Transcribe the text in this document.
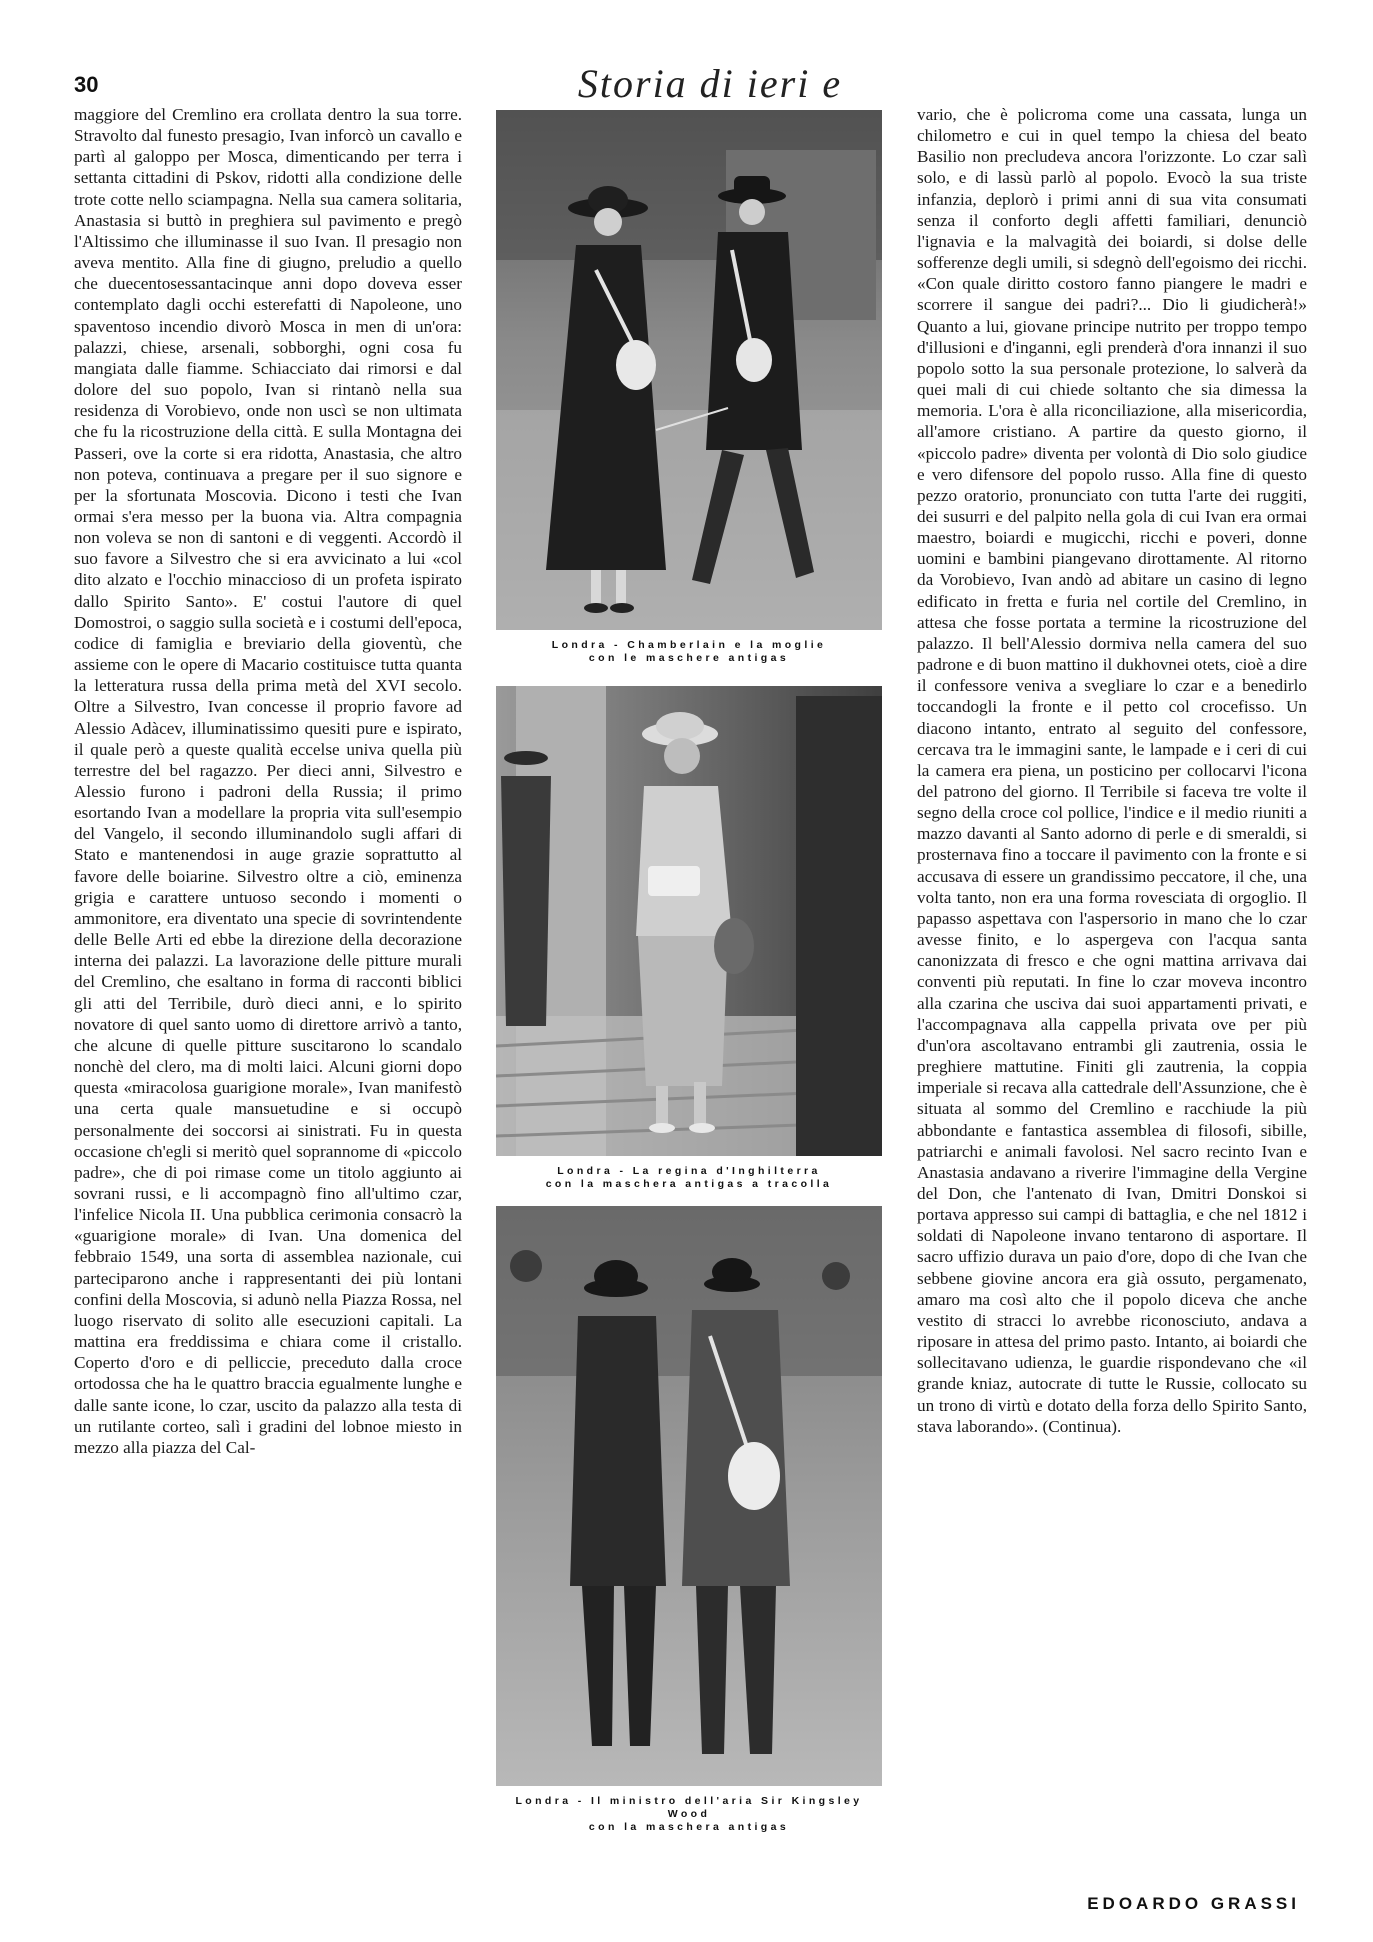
30	Storia di ieri e

maggiore del Cremlino era crollata dentro la sua torre. Stravolto dal funesto presagio, Ivan inforcò un cavallo e partì al galoppo per Mosca, dimenticando per terra i settanta cittadini di Pskov, ridotti alla condizione delle trote cotte nello sciampagna. Nella sua camera solitaria, Anastasia si buttò in preghiera sul pavimento e pregò l'Altissimo che illuminasse il suo Ivan. Il presagio non aveva mentito. Alla fine di giugno, preludio a quello che duecentosessantacinque anni dopo doveva esser contemplato dagli occhi esterefatti di Napoleone, uno spaventoso incendio divorò Mosca in men di un'ora: palazzi, chiese, arsenali, sobborghi, ogni cosa fu mangiata dalle fiamme. Schiacciato dai rimorsi e dal dolore del suo popolo, Ivan si rintanò nella sua residenza di Vorobievo, onde non uscì se non ultimata che fu la ricostruzione della città. E sulla Montagna dei Passeri, ove la corte si era ridotta, Anastasia, che altro non poteva, continuava a pregare per il suo signore e per la sfortunata Moscovia. Dicono i testi che Ivan ormai s'era messo per la buona via. Altra compagnia non voleva se non di santoni e di veggenti. Accordò il suo favore a Silvestro che si era avvicinato a lui «col dito alzato e l'occhio minaccioso di un profeta ispirato dallo Spirito Santo». E' costui l'autore di quel Domostroi, o saggio sulla società e i costumi dell'epoca, codice di famiglia e breviario della gioventù, che assieme con le opere di Macario costituisce tutta quanta la letteratura russa della prima metà del XVI secolo. Oltre a Silvestro, Ivan concesse il proprio favore ad Alessio Adàcev, illuminatissimo quesiti pure e ispirato, il quale però a queste qualità eccelse univa quella più terrestre del bel ragazzo. Per dieci anni, Silvestro e Alessio furono i padroni della Russia; il primo esortando Ivan a modellare la propria vita sull'esempio del Vangelo, il secondo illuminandolo sugli affari di Stato e mantenendosi in auge grazie soprattutto al favore delle boiarine. Silvestro oltre a ciò, eminenza grigia e carattere untuoso secondo i momenti o ammonitore, era diventato una specie di sovrintendente delle Belle Arti ed ebbe la direzione della decorazione interna dei palazzi. La lavorazione delle pitture murali del Cremlino, che esaltano in forma di racconti biblici gli atti del Terribile, durò dieci anni, e lo spirito novatore di quel santo uomo di direttore arrivò a tanto, che alcune di quelle pitture suscitarono lo scandalo nonchè del clero, ma di molti laici. Alcuni giorni dopo questa «miracolosa guarigione morale», Ivan manifestò una certa quale mansuetudine e si occupò personalmente dei soccorsi ai sinistrati. Fu in questa occasione ch'egli si meritò quel soprannome di «piccolo padre», che di poi rimase come un titolo aggiunto ai sovrani russi, e li accompagnò fino all'ultimo czar, l'infelice Nicola II. Una pubblica cerimonia consacrò la «guarigione morale» di Ivan. Una domenica del febbraio 1549, una sorta di assemblea nazionale, cui parteciparono anche i rappresentanti dei più lontani confini della Moscovia, si adunò nella Piazza Rossa, nel luogo riservato di solito alle esecuzioni capitali. La mattina era freddissima e chiara come il cristallo. Coperto d'oro e di pelliccie, preceduto dalla croce ortodossa che ha le quattro braccia egualmente lunghe e dalle sante icone, lo czar, uscito da palazzo alla testa di un rutilante corteo, salì i gradini del lobnoe miesto in mezzo alla piazza del Cal-

Londra - Chamberlain e la moglie
con le maschere antigas
Londra - La regina d'Inghilterra
con la maschera antigas a tracolla
Londra - Il ministro dell'aria Sir Kingsley Wood
con la maschera antigas

vario, che è policroma come una cassata, lunga un chilometro e cui in quel tempo la chiesa del beato Basilio non precludeva ancora l'orizzonte. Lo czar salì solo, e di lassù parlò al popolo. Evocò la sua triste infanzia, deplorò i primi anni di sua vita consumati senza il conforto degli affetti familiari, denunciò l'ignavia e la malvagità dei boiardi, si dolse delle sofferenze degli umili, si sdegnò dell'egoismo dei ricchi. «Con quale diritto costoro fanno piangere le madri e scorrere il sangue dei padri?... Dio li giudicherà!» Quanto a lui, giovane principe nutrito per troppo tempo d'illusioni e d'inganni, egli prenderà d'ora innanzi il suo popolo sotto la sua personale protezione, lo salverà da quei mali di cui chiede soltanto che sia dimessa la memoria. L'ora è alla riconciliazione, alla misericordia, all'amore cristiano. A partire da questo giorno, il «piccolo padre» diventa per volontà di Dio solo giudice e vero difensore del popolo russo. Alla fine di questo pezzo oratorio, pronunciato con tutta l'arte dei ruggiti, dei susurri e del palpito nella gola di cui Ivan era ormai maestro, boiardi e mugicchi, ricchi e poveri, donne uomini e bambini piangevano dirottamente. Al ritorno da Vorobievo, Ivan andò ad abitare un casino di legno edificato in fretta e furia nel cortile del Cremlino, in attesa che fosse portata a termine la ricostruzione del palazzo. Il bell'Alessio dormiva nella camera del suo padrone e di buon mattino il dukhovnei otets, cioè a dire il confessore veniva a svegliare lo czar e a benedirlo toccandogli la fronte e il petto col crocefisso. Un diacono intanto, entrato al seguito del confessore, cercava tra le immagini sante, le lampade e i ceri di cui la camera era piena, un posticino per collocarvi l'icona del patrono del giorno. Il Terribile si faceva tre volte il segno della croce col pollice, l'indice e il medio riuniti a mazzo davanti al Santo adorno di perle e di smeraldi, si prosternava fino a toccare il pavimento con la fronte e si accusava di essere un grandissimo peccatore, il che, una volta tanto, non era una forma rovesciata di orgoglio. Il papasso aspettava con l'aspersorio in mano che lo czar avesse finito, e lo aspergeva con l'acqua santa canonizzata di fresco e che ogni mattina arrivava dai conventi più reputati. In fine lo czar moveva incontro alla czarina che usciva dai suoi appartamenti privati, e l'accompagnava alla cappella privata ove per più d'un'ora ascoltavano entrambi gli zautrenia, ossia le preghiere mattutine. Finiti gli zautrenia, la coppia imperiale si recava alla cattedrale dell'Assunzione, che è situata al sommo del Cremlino e racchiude la più abbondante e fantastica assemblea di filosofi, sibille, patriarchi e animali favolosi. Nel sacro recinto Ivan e Anastasia andavano a riverire l'immagine della Vergine del Don, che l'antenato di Ivan, Dmitri Donskoi si portava appresso sui campi di battaglia, e che nel 1812 i soldati di Napoleone invano tentarono di asportare. Il sacro uffizio durava un paio d'ore, dopo di che Ivan che sebbene giovine ancora era già ossuto, pergamenato, amaro ma così alto che il popolo diceva che anche vestito di stracci lo avrebbe riconosciuto, andava a riposare in attesa del primo pasto. Intanto, ai boiardi che sollecitavano udienza, le guardie rispondevano che «il grande kniaz, autocrate di tutte le Russie, collocato su un trono di virtù e dotato della forza dello Spirito Santo, stava laborando». (Continua).

EDOARDO GRASSI
